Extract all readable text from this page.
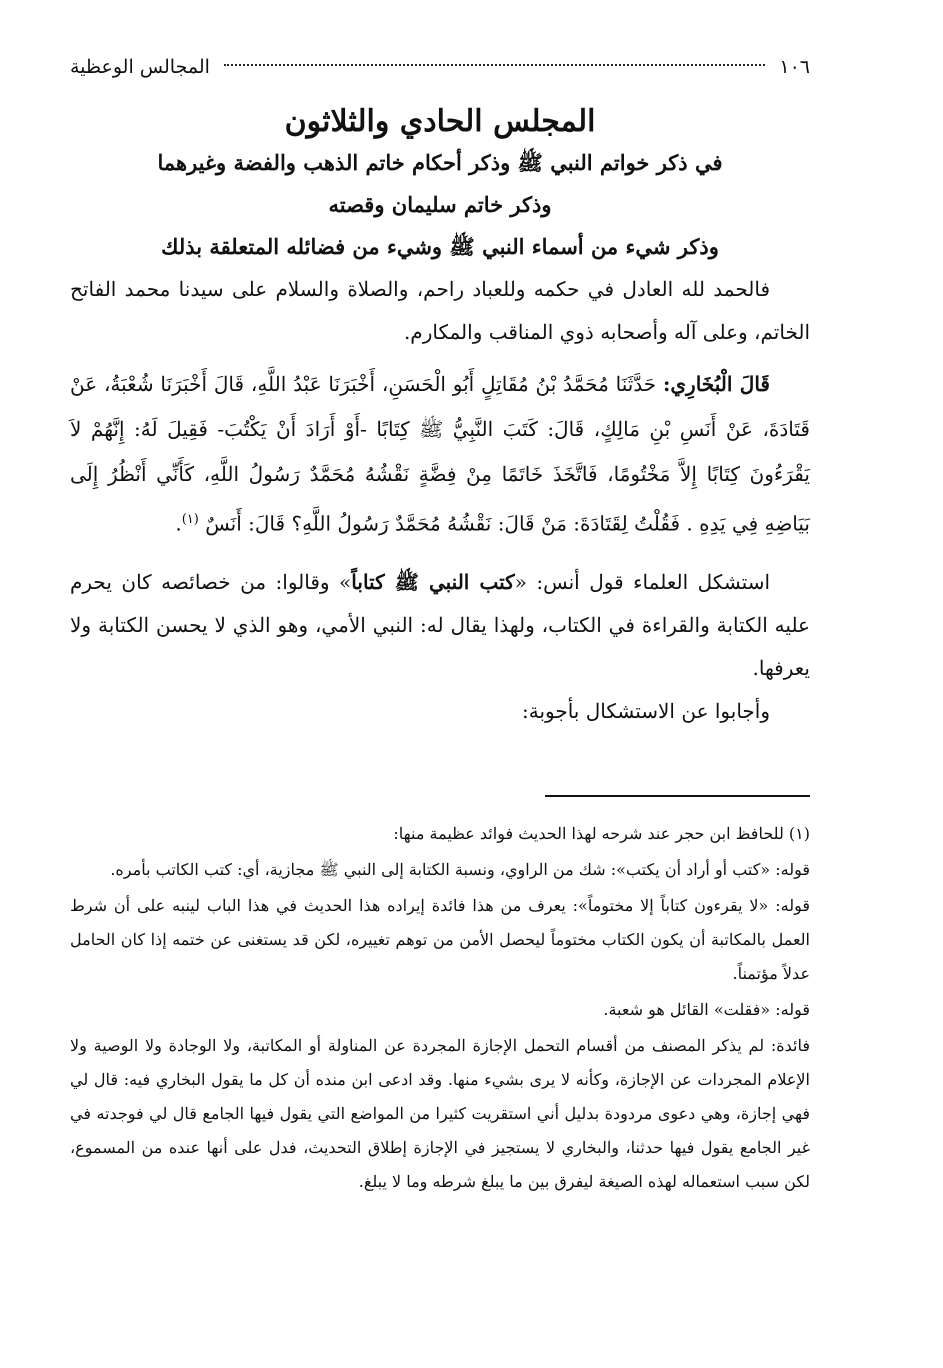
١٠٦
المجالس الوعظية
المجلس الحادي والثلاثون
في ذكر خواتم النبي ﷺ وذكر أحكام خاتم الذهب والفضة وغيرهما
وذكر خاتم سليمان وقصته
وذكر شيء من أسماء النبي ﷺ وشيء من فضائله المتعلقة بذلك

فالحمد لله العادل في حكمه وللعباد راحم، والصلاة والسلام على سيدنا محمد الفاتح الخاتم، وعلى آله وأصحابه ذوي المناقب والمكارم.

قَالَ الْبُخَارِي: حَدَّثَنَا مُحَمَّدُ بْنُ مُقَاتِلٍ أَبُو الْحَسَنِ، أَخْبَرَنَا عَبْدُ اللَّهِ، قَالَ أَخْبَرَنَا شُعْبَةُ، عَنْ قَتَادَةَ، عَنْ أَنَسِ بْنِ مَالِكٍ، قَالَ: كَتَبَ النَّبِيُّ ﷺ كِتَابًا -أَوْ أَرَادَ أَنْ يَكْتُبَ- فَقِيلَ لَهُ: إِنَّهُمْ لاَ يَقْرَءُونَ كِتَابًا إِلاَّ مَخْتُومًا، فَاتَّخَذَ خَاتَمًا مِنْ فِضَّةٍ نَقْشُهُ مُحَمَّدٌ رَسُولُ اللَّهِ، كَأَنِّي أَنْظُرُ إِلَى بَيَاضِهِ فِي يَدِهِ . فَقُلْتُ لِقَتَادَةَ: مَنْ قَالَ: نَقْشُهُ مُحَمَّدٌ رَسُولُ اللَّهِ؟ قَالَ: أَنَسٌ $^{(١)}$.

استشكل العلماء قول أنس: «كتب النبي ﷺ كتاباً» وقالوا: من خصائصه كان يحرم عليه الكتابة والقراءة في الكتاب، ولهذا يقال له: النبي الأمي، وهو الذي لا يحسن الكتابة ولا يعرفها.

وأجابوا عن الاستشكال بأجوبة:

(١) للحافظ ابن حجر عند شرحه لهذا الحديث فوائد عظيمة منها:

قوله: «كتب أو أراد أن يكتب»: شك من الراوي، ونسبة الكتابة إلى النبي ﷺ مجازية، أي: كتب الكاتب بأمره.

قوله: «لا يقرءون كتاباً إلا مختوماً»: يعرف من هذا فائدة إيراده هذا الحديث في هذا الباب لينبه على أن شرط العمل بالمكاتبة أن يكون الكتاب مختوماً ليحصل الأمن من توهم تغييره، لكن قد يستغنى عن ختمه إذا كان الحامل عدلاً مؤتمناً.

قوله: «فقلت» القائل هو شعبة.

فائدة: لم يذكر المصنف من أقسام التحمل الإجازة المجردة عن المناولة أو المكاتبة، ولا الوجادة ولا الوصية ولا الإعلام المجردات عن الإجازة، وكأنه لا يرى بشيء منها. وقد ادعى ابن منده أن كل ما يقول البخاري فيه: قال لي فهي إجازة، وهي دعوى مردودة بدليل أني استقريت كثيرا من المواضع التي يقول فيها الجامع قال لي فوجدته في غير الجامع يقول فيها حدثنا، والبخاري لا يستجيز في الإجازة إطلاق التحديث، فدل على أنها عنده من المسموع، لكن سبب استعماله لهذه الصيغة ليفرق بين ما يبلغ شرطه وما لا يبلغ.
